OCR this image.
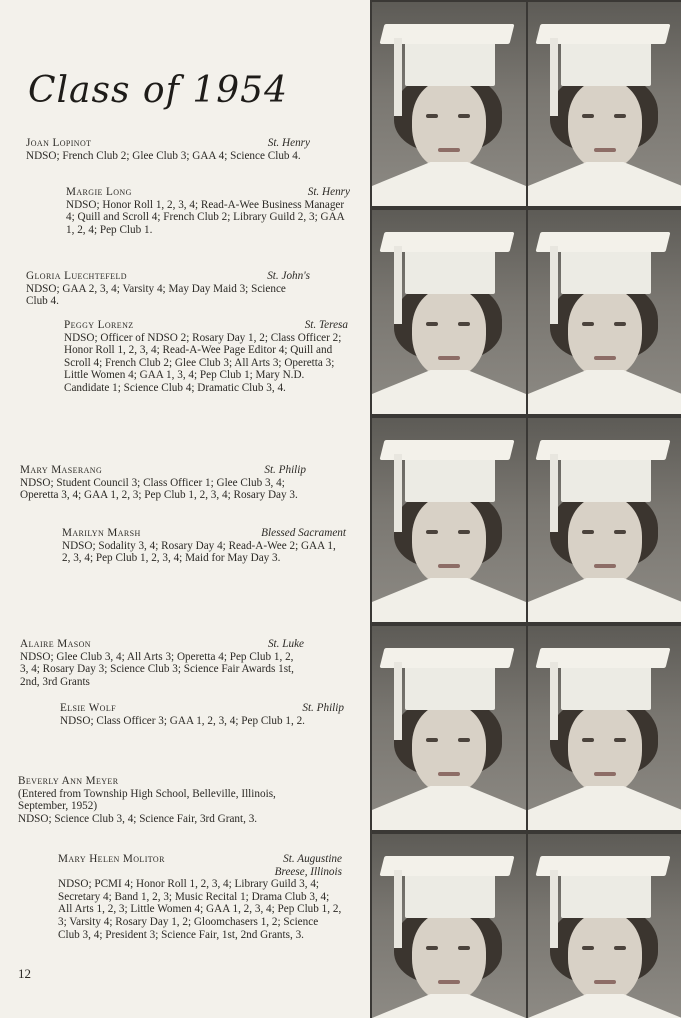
Class of 1954
Joan Lopinot	St. Henry
NDSO; French Club 2; Glee Club 3; GAA 4; Science Club 4.
Margie Long	St. Henry
NDSO; Honor Roll 1, 2, 3, 4; Read-A-Wee Business Manager 4; Quill and Scroll 4; French Club 2; Library Guild 2, 3; GAA 1, 2, 4; Pep Club 1.
Gloria Luechtefeld	St. John's
NDSO; GAA 2, 3, 4; Varsity 4; May Day Maid 3; Science Club 4.
Peggy Lorenz	St. Teresa
NDSO; Officer of NDSO 2; Rosary Day 1, 2; Class Officer 2; Honor Roll 1, 2, 3, 4; Read-A-Wee Page Editor 4; Quill and Scroll 4; French Club 2; Glee Club 3; All Arts 3; Operetta 3; Little Women 4; GAA 1, 3, 4; Pep Club 1; Mary N.D. Candidate 1; Science Club 4; Dramatic Club 3, 4.
Mary Maserang	St. Philip
NDSO; Student Council 3; Class Officer 1; Glee Club 3, 4; Operetta 3, 4; GAA 1, 2, 3; Pep Club 1, 2, 3, 4; Rosary Day 3.
Marilyn Marsh	Blessed Sacrament
NDSO; Sodality 3, 4; Rosary Day 4; Read-A-Wee 2; GAA 1, 2, 3, 4; Pep Club 1, 2, 3, 4; Maid for May Day 3.
Alaire Mason	St. Luke
NDSO; Glee Club 3, 4; All Arts 3; Operetta 4; Pep Club 1, 2, 3, 4; Rosary Day 3; Science Club 3; Science Fair Awards 1st, 2nd, 3rd Grants
Elsie Wolf	St. Philip
NDSO; Class Officer 3; GAA 1, 2, 3, 4; Pep Club 1, 2.
Beverly Ann Meyer
(Entered from Township High School, Belleville, Illinois, September, 1952)
NDSO; Science Club 3, 4; Science Fair, 3rd Grant, 3.
Mary Helen Molitor	St. Augustine
Breese, Illinois
NDSO; PCMI 4; Honor Roll 1, 2, 3, 4; Library Guild 3, 4; Secretary 4; Band 1, 2, 3; Music Recital 1; Drama Club 3, 4; All Arts 1, 2, 3; Little Women 4; GAA 1, 2, 3, 4; Pep Club 1, 2, 3; Varsity 4; Rosary Day 1, 2; Gloomchasers 1, 2; Science Club 3, 4; President 3; Science Fair, 1st, 2nd Grants, 3.
12
